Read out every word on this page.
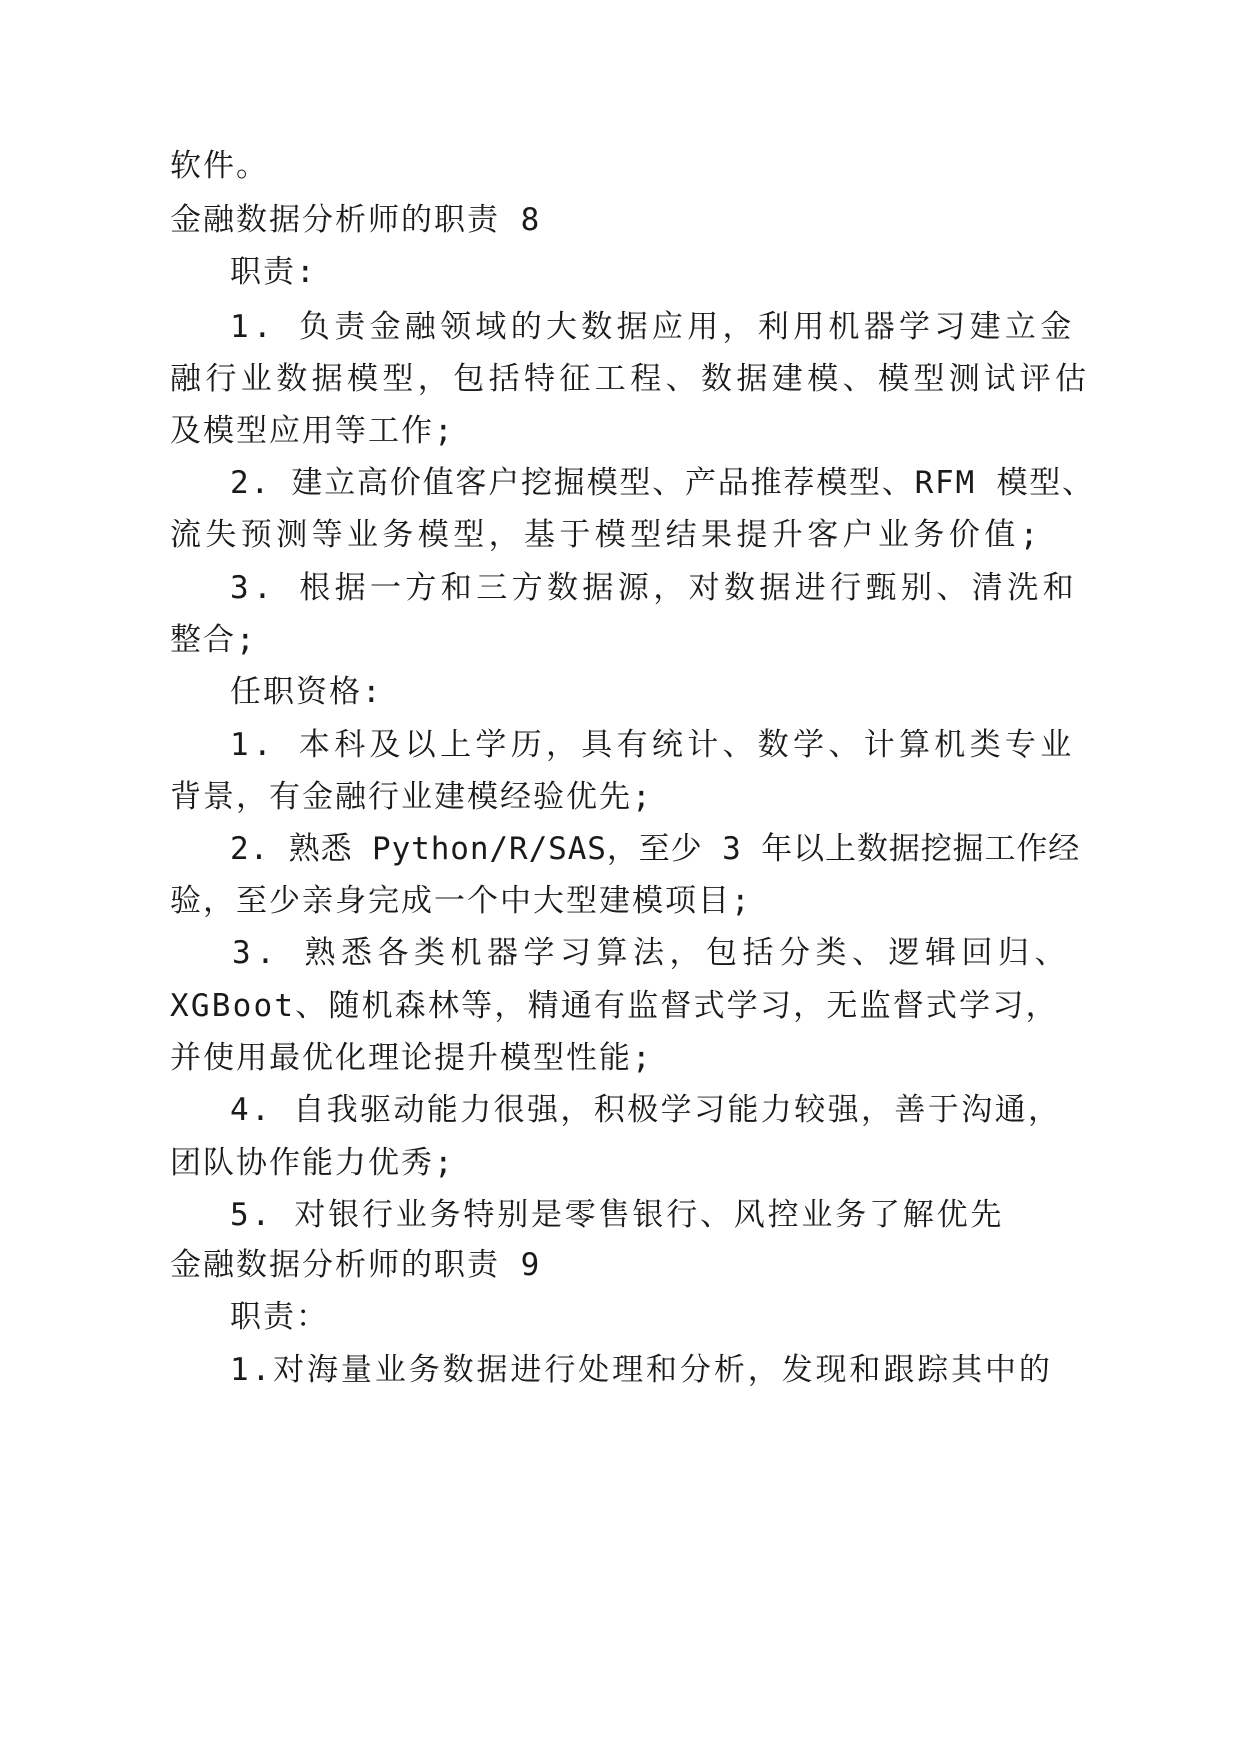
软件。
金融数据分析师的职责 8
职责:
1. 负责金融领域的大数据应用，利用机器学习建立金
融行业数据模型，包括特征工程、数据建模、模型测试评估
及模型应用等工作;
2. 建立高价值客户挖掘模型、产品推荐模型、RFM 模型、
流失预测等业务模型，基于模型结果提升客户业务价值;
3. 根据一方和三方数据源，对数据进行甄别、清洗和
整合;
任职资格:
1. 本科及以上学历，具有统计、数学、计算机类专业
背景，有金融行业建模经验优先;
2. 熟悉 Python/R/SAS，至少 3 年以上数据挖掘工作经
验，至少亲身完成一个中大型建模项目;
3. 熟悉各类机器学习算法，包括分类、逻辑回归、
XGBoot、随机森林等，精通有监督式学习，无监督式学习，
并使用最优化理论提升模型性能;
4. 自我驱动能力很强，积极学习能力较强，善于沟通，
团队协作能力优秀;
5. 对银行业务特别是零售银行、风控业务了解优先
金融数据分析师的职责 9
职责：
1.对海量业务数据进行处理和分析，发现和跟踪其中的
